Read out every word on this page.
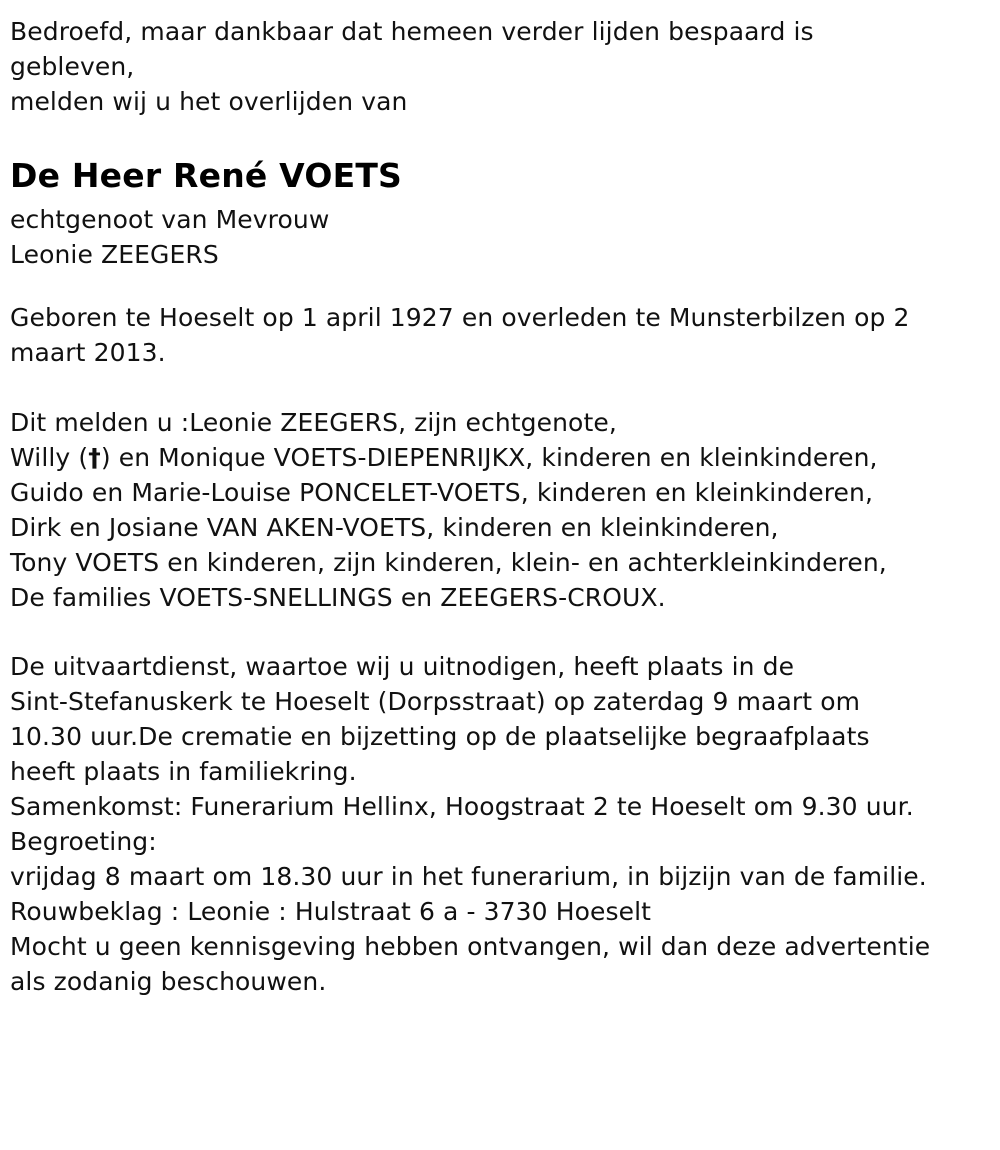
Bedroefd, maar dankbaar dat hemeen verder lijden bespaard is
gebleven,
melden wij u het overlijden van
De Heer René VOETS
echtgenoot van Mevrouw
Leonie ZEEGERS
Geboren te Hoeselt op 1 april 1927 en overleden te Munsterbilzen op 2
maart 2013.
Dit melden u :Leonie ZEEGERS, zijn echtgenote,
Willy (†) en Monique VOETS-DIEPENRIJKX, kinderen en kleinkinderen,
Guido en Marie-Louise PONCELET-VOETS, kinderen en kleinkinderen,
Dirk en Josiane VAN AKEN-VOETS, kinderen en kleinkinderen,
Tony VOETS en kinderen, zijn kinderen, klein- en achterkleinkinderen,
De families VOETS-SNELLINGS en ZEEGERS-CROUX.
De uitvaartdienst, waartoe wij u uitnodigen, heeft plaats in de
Sint-Stefanuskerk te Hoeselt (Dorpsstraat) op zaterdag 9 maart om
10.30 uur.De crematie en bijzetting op de plaatselijke begraafplaats
heeft plaats in familiekring.
Samenkomst: Funerarium Hellinx, Hoogstraat 2 te Hoeselt om 9.30 uur.
Begroeting:
vrijdag 8 maart om 18.30 uur in het funerarium, in bijzijn van de familie.
Rouwbeklag : Leonie : Hulstraat 6 a - 3730 Hoeselt
Mocht u geen kennisgeving hebben ontvangen, wil dan deze advertentie
als zodanig beschouwen.
